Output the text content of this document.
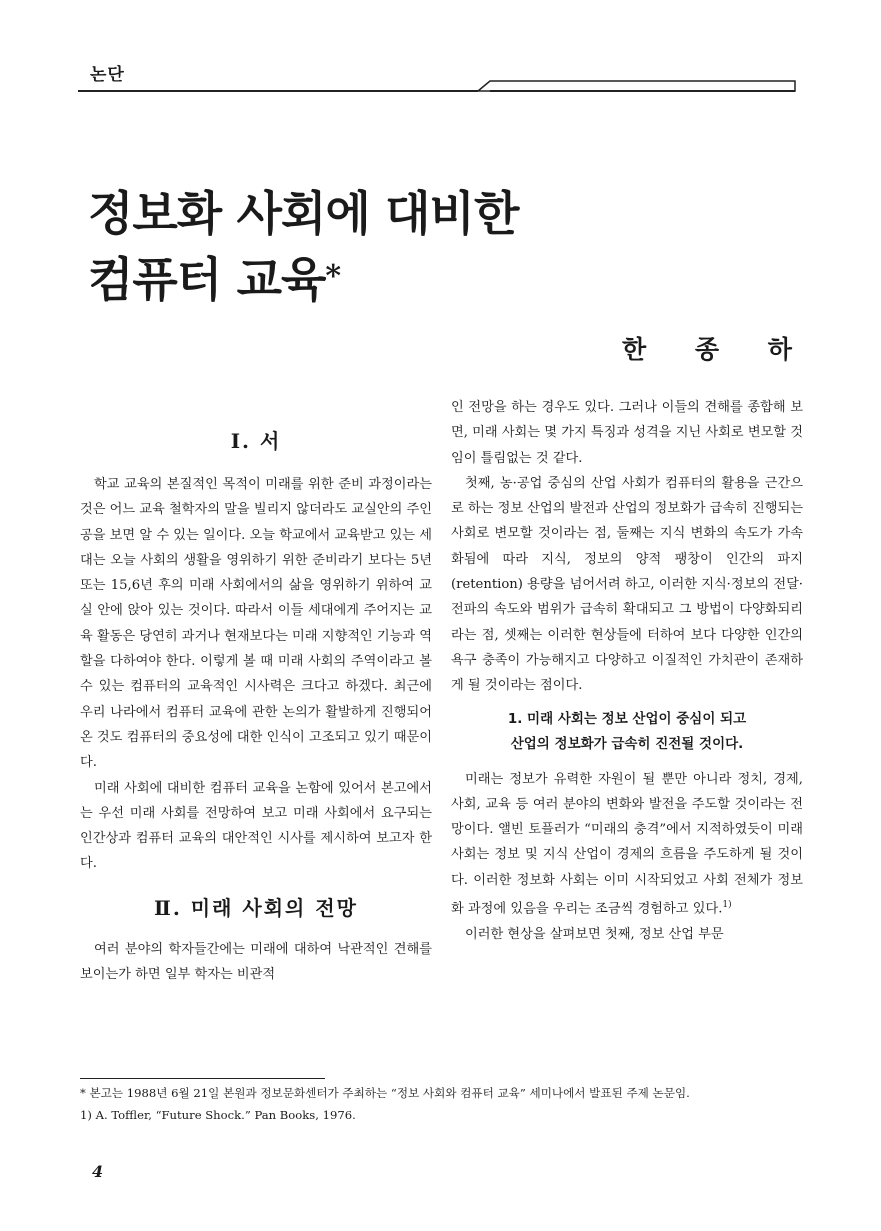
논단
정보화 사회에 대비한
컴퓨터 교육*
한 종 하
Ⅰ. 서

학교 교육의 본질적인 목적이 미래를 위한 준비 과정이라는 것은 어느 교육 철학자의 말을 빌리지 않더라도 교실안의 주인공을 보면 알 수 있는 일이다. 오늘 학교에서 교육받고 있는 세대는 오늘 사회의 생활을 영위하기 위한 준비라기 보다는 5년 또는 15,6년 후의 미래 사회에서의 삶을 영위하기 위하여 교실 안에 앉아 있는 것이다. 따라서 이들 세대에게 주어지는 교육 활동은 당연히 과거나 현재보다는 미래 지향적인 기능과 역할을 다하여야 한다. 이렇게 볼 때 미래 사회의 주역이라고 볼 수 있는 컴퓨터의 교육적인 시사력은 크다고 하겠다. 최근에 우리 나라에서 컴퓨터 교육에 관한 논의가 활발하게 진행되어 온 것도 컴퓨터의 중요성에 대한 인식이 고조되고 있기 때문이다.

미래 사회에 대비한 컴퓨터 교육을 논함에 있어서 본고에서는 우선 미래 사회를 전망하여 보고 미래 사회에서 요구되는 인간상과 컴퓨터 교육의 대안적인 시사를 제시하여 보고자 한다.

Ⅱ. 미래 사회의 전망

여러 분야의 학자들간에는 미래에 대하여 낙관적인 견해를 보이는가 하면 일부 학자는 비관적

인 전망을 하는 경우도 있다. 그러나 이들의 견해를 종합해 보면, 미래 사회는 몇 가지 특징과 성격을 지닌 사회로 변모할 것임이 틀림없는 것 같다.

첫째, 농·공업 중심의 산업 사회가 컴퓨터의 활용을 근간으로 하는 정보 산업의 발전과 산업의 정보화가 급속히 진행되는 사회로 변모할 것이라는 점, 둘째는 지식 변화의 속도가 가속화됨에 따라 지식, 정보의 양적 팽창이 인간의 파지(retention) 용량을 넘어서려 하고, 이러한 지식·정보의 전달·전파의 속도와 범위가 급속히 확대되고 그 방법이 다양화되리라는 점, 셋째는 이러한 현상들에 터하여 보다 다양한 인간의 욕구 충족이 가능해지고 다양하고 이질적인 가치관이 존재하게 될 것이라는 점이다.

1. 미래 사회는 정보 산업이 중심이 되고
산업의 정보화가 급속히 진전될 것이다.

미래는 정보가 유력한 자원이 될 뿐만 아니라 정치, 경제, 사회, 교육 등 여러 분야의 변화와 발전을 주도할 것이라는 전망이다. 앨빈 토플러가 “미래의 충격”에서 지적하였듯이 미래 사회는 정보 및 지식 산업이 경제의 흐름을 주도하게 될 것이다. 이러한 정보화 사회는 이미 시작되었고 사회 전체가 정보화 과정에 있음을 우리는 조금씩 경험하고 있다.$^{1)}$

이러한 현상을 살펴보면 첫째, 정보 산업 부문

* 본고는 1988년 6월 21일 본원과 정보문화센터가 주최하는 “정보 사회와 컴퓨터 교육” 세미나에서 발표된 주제 논문임.

1) A. Toffler, “Future Shock.” Pan Books, 1976.

4
